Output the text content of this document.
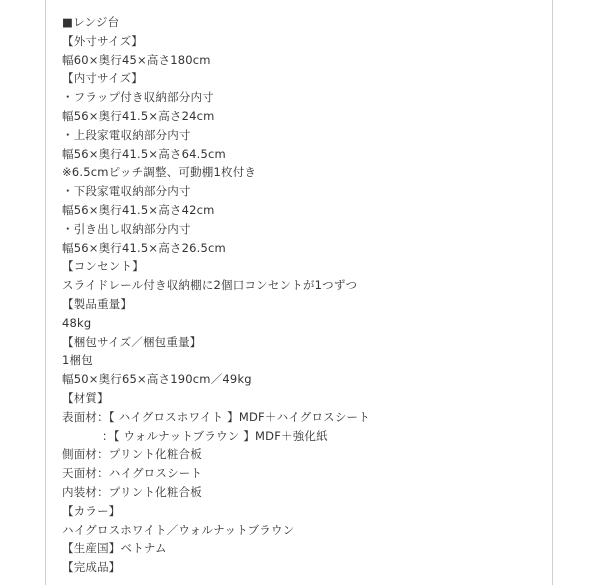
■レンジ台
【外寸サイズ】
幅60×奥行45×高さ180cm
【内寸サイズ】
・フラップ付き収納部分内寸
幅56×奥行41.5×高さ24cm
・上段家電収納部分内寸
幅56×奥行41.5×高さ64.5cm
※6.5cmピッチ調整、可動棚1枚付き
・下段家電収納部分内寸
幅56×奥行41.5×高さ42cm
・引き出し収納部分内寸
幅56×奥行41.5×高さ26.5cm
【コンセント】
スライドレール付き収納棚に2個口コンセントが1つずつ
【製品重量】
48kg
【梱包サイズ／梱包重量】
1梱包
幅50×奥行65×高さ190cm／49kg
【材質】
表面材：【 ハイグロスホワイト 】MDF＋ハイグロスシート
：【 ウォルナットブラウン 】MDF＋強化紙
側面材：プリント化粧合板
天面材：ハイグロスシート
内装材：プリント化粧合板
【カラー】
ハイグロスホワイト／ウォルナットブラウン
【生産国】ベトナム
【完成品】
